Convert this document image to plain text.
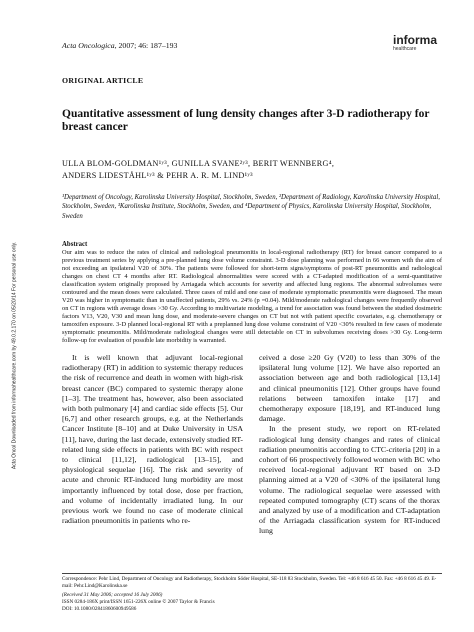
Acta Oncologica, 2007; 46: 187–193	informa
healthcare
Acta Oncol Downloaded from informahealthcare.com by 49.0.2.170 on 05/20/14 For personal use only.
ORIGINAL ARTICLE
Quantitative assessment of lung density changes after 3-D radiotherapy for breast cancer
ULLA BLOM-GOLDMAN¹ʸ³, GUNILLA SVANE²ʸ³, BERIT WENNBERG⁴,
ANDERS LIDESTÅHL¹ʸ³ & PEHR A. R. M. LIND¹ʸ³
¹Department of Oncology, Karolinska University Hospital, Stockholm, Sweden, ²Department of Radiology, Karolinska University Hospital, Stockholm, Sweden, ³Karolinska Institute, Stockholm, Sweden, and ⁴Department of Physics, Karolinska University Hospital, Stockholm, Sweden

Abstract

Our aim was to reduce the rates of clinical and radiological pneumonitis in local-regional radiotherapy (RT) for breast cancer compared to a previous treatment series by applying a pre-planned lung dose volume constraint. 3-D dose planning was performed in 66 women with the aim of not exceeding an ipsilateral V20 of 30%. The patients were followed for short-term signs/symptoms of post-RT pneumonitis and radiological changes on chest CT 4 months after RT. Radiological abnormalities were scored with a CT-adapted modification of a semi-quantitative classification system originally proposed by Arriagada which accounts for severity and affected lung regions. The abnormal subvolumes were contoured and the mean doses were calculated. Three cases of mild and one case of moderate symptomatic pneumonitis were diagnosed. The mean V20 was higher in symptomatic than in unaffected patients, 29% vs. 24% (p =0.04). Mild/moderate radiological changes were frequently observed on CT in regions with average doses >30 Gy. According to multivariate modeling, a trend for association was found between the studied dosimetric factors V13, V20, V30 and mean lung dose, and moderate-severe changes on CT but not with patient specific covariates, e.g. chemotherapy or tamoxifen exposure. 3-D planned local-regional RT with a preplanned lung dose volume constraint of V20 <30% resulted in few cases of moderate symptomatic pneumonitis. Mild/moderate radiological changes were still detectable on CT in subvolumes receiving doses >30 Gy. Long-term follow-up for evaluation of possible late morbidity is warranted.

It is well known that adjuvant local-regional radiotherapy (RT) in addition to systemic therapy reduces the risk of recurrence and death in women with high-risk breast cancer (BC) compared to systemic therapy alone [1–3]. The treatment has, however, also been associated with both pulmonary [4] and cardiac side effects [5]. Our [6,7] and other research groups, e.g. at the Netherlands Cancer Institute [8–10] and at Duke University in USA [11], have, during the last decade, extensively studied RT-related lung side effects in patients with BC with respect to clinical [11,12], radiological [13–15], and physiological sequelae [16]. The risk and severity of acute and chronic RT-induced lung morbidity are most importantly influenced by total dose, dose per fraction, and volume of incidentally irradiated lung. In our previous work we found no case of moderate clinical radiation pneumonitis in patients who re-

ceived a dose ≥20 Gy (V20) to less than 30% of the ipsilateral lung volume [12]. We have also reported an association between age and both radiological [13,14] and clinical pneumonitis [12]. Other groups have found relations between tamoxifen intake [17] and chemotherapy exposure [18,19], and RT-induced lung damage.

In the present study, we report on RT-related radiological lung density changes and rates of clinical radiation pneumonitis according to CTC-criteria [20] in a cohort of 66 prospectively followed women with BC who received local-regional adjuvant RT based on 3-D planning aimed at a V20 of <30% of the ipsilateral lung volume. The radiological sequelae were assessed with repeated computed tomography (CT) scans of the thorax and analyzed by use of a modification and CT-adaptation of the Arriagada classification system for RT-induced lung

Correspondence: Pehr Lind, Department of Oncology and Radiotherapy, Stockholm Söder Hospital, SE-118 83 Stockholm, Sweden. Tel: +46 8 616 45 50. Fax: +46 8 616 45 49. E-mail: Pehr.Lind@Karolinska.se
(Received 31 May 2006; accepted 16 July 2006)
ISSN 0284-186X print/ISSN 1651-226X online © 2007 Taylor & Francis
DOI: 10.1080/02841860600949586
